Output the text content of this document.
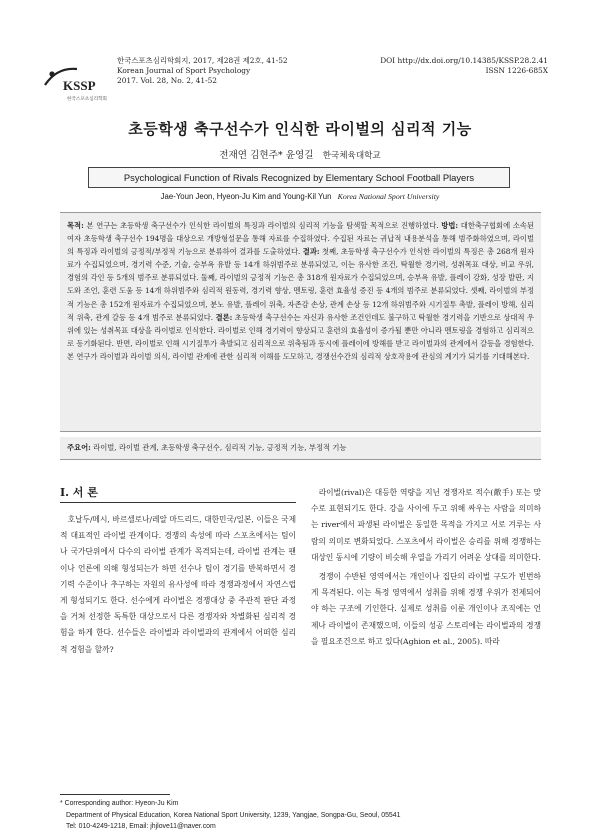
KSSP
한국스포츠심리학회
한국스포츠심리학회지, 2017, 제28권 제2호, 41-52
Korean Journal of Sport Psychology
2017. Vol. 28, No. 2, 41-52
DOI http://dx.doi.org/10.14385/KSSP.28.2.41
ISSN 1226-685X
초등학생 축구선수가 인식한 라이벌의 심리적 기능
전재연 김현주* 윤영길 한국체육대학교
Psychological Function of Rivals Recognized by Elementary School Football Players
Jae-Youn Jeon, Hyeon-Ju Kim and Young-Kil Yun Korea National Sport University
목적: 본 연구는 초등학생 축구선수가 인식한 라이벌의 특징과 라이벌의 심리적 기능을 탐색할 목적으로 진행하였다. 방법: 대한축구협회에 소속된 여자 초등학생 축구선수 194명을 대상으로 개방형설문을 통해 자료를 수집하였다. 수집된 자료는 귀납적 내용분석을 통해 범주화하였으며, 라이벌의 특징과 라이벌의 긍정적/부정적 기능으로 분류하여 결과를 도출하였다. 결과: 첫째, 초등학생 축구선수가 인식한 라이벌의 특징은 총 268개 원자료가 수집되었으며, 경기력 수준, 기술, 승부욕 유발 등 14개 하위범주로 분류되었고, 이는 유사한 조건, 탁월한 경기력, 성취목표 대상, 비교 우위, 경험의 각인 등 5개의 범주로 분류되었다. 둘째, 라이벌의 긍정적 기능은 총 318개 원자료가 수집되었으며, 승부욕 유발, 플레이 강화, 성장 발판, 지도와 조언, 훈련 도움 등 14개 하위범주와 심리적 원동력, 경기력 향상, 멘토링, 훈련 효율성 증진 등 4개의 범주로 분류되었다. 셋째, 라이벌의 부정적 기능은 총 152개 원자료가 수집되었으며, 분노 유발, 플레이 위축, 자존감 손상, 관계 손상 등 12개 하위범주와 시기질투 촉발, 플레이 방해, 심리적 위축, 관계 갈등 등 4개 범주로 분류되었다. 결론: 초등학생 축구선수는 자신과 유사한 조건인데도 불구하고 탁월한 경기력을 기반으로 상대적 우위에 있는 성취목표 대상을 라이벌로 인식한다. 라이벌로 인해 경기력이 향상되고 훈련의 효율성이 증가될 뿐만 아니라 멘토링을 경험하고 심리적으로 동기화된다. 반면, 라이벌로 인해 시기질투가 촉발되고 심리적으로 위축됨과 동시에 플레이에 방해를 받고 라이벌과의 관계에서 갈등을 경험한다. 본 연구가 라이벌과 라이벌 의식, 라이벌 관계에 관한 심리적 이해를 도모하고, 경쟁선수간의 심리적 상호작용에 관심의 계기가 되기를 기대해본다.
주요어: 라이벌, 라이벌 관계, 초등학생 축구선수, 심리적 기능, 긍정적 기능, 부정적 기능
I. 서 론

호날두/메시, 바르셀로나/레알 마드리드, 대한민국/일본, 이들은 국제적 대표적인 라이벌 관계이다. 경쟁의 속성에 따라 스포츠에서는 팀이나 국가단위에서 다수의 라이벌 관계가 목격되는데, 라이벌 관계는 팬이나 언론에 의해 형성되는가 하면 선수나 팀이 경기를 반복하면서 경기력 수준이나 추구하는 자원의 유사성에 따라 경쟁과정에서 자연스럽게 형성되기도 한다. 선수에게 라이벌은 경쟁대상 중 주관적 판단 과정을 거쳐 선정한 독특한 대상으로서 다른 경쟁자와 차별화된 심리적 경험을 하게 한다. 선수들은 라이벌과 라이벌과의 관계에서 어떠한 심리적 경험을 할까?

라이벌(rival)은 대등한 역량을 지닌 경쟁자로 적수(敵手) 또는 맞수로 표현되기도 한다. 강을 사이에 두고 위해 싸우는 사람을 의미하는 river에서 파생된 라이벌은 동일한 목적을 가지고 서로 겨루는 사람의 의미로 변화되었다. 스포츠에서 라이벌은 승리를 위해 경쟁하는 대상인 동시에 기량이 비슷해 우열을 가리기 어려운 상대를 의미한다.

경쟁이 수반된 영역에서는 개인이나 집단의 라이벌 구도가 빈번하게 목격된다. 이는 특정 영역에서 성취를 위해 경쟁 우위가 전제되어야 하는 구조에 기인한다. 실제로 성취를 이룬 개인이나 조직에는 언제나 라이벌이 존재했으며, 이들의 성공 스토리에는 라이벌과의 경쟁을 필요조건으로 하고 있다(Aghion et al., 2005). 따라

* Corresponding author: Hyeon-Ju Kim
Department of Physical Education, Korea National Sport University, 1239, Yangjae, Songpa-Gu, Seoul, 05541
Tel: 010-4249-1218, Email: jhjlove11@naver.com
